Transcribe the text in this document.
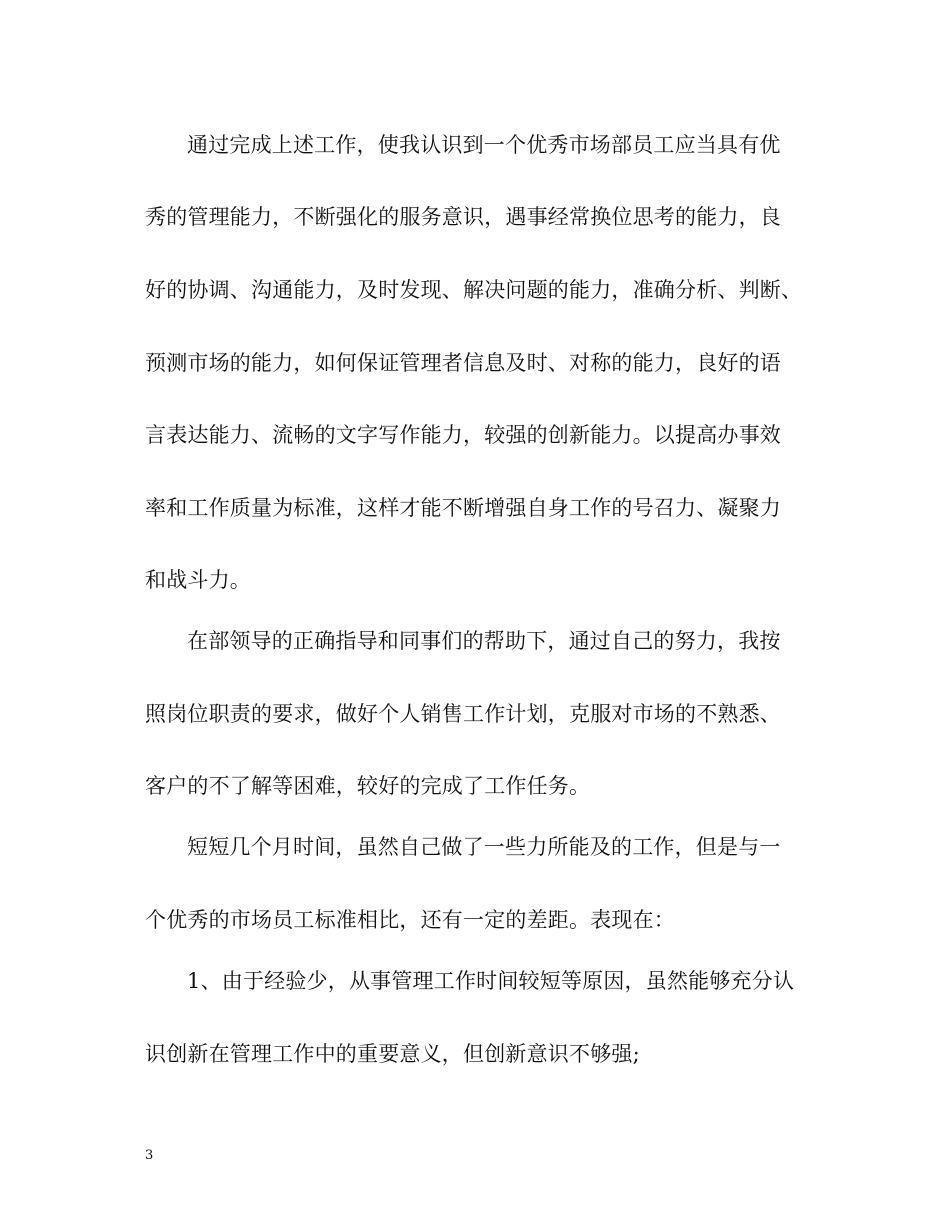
通过完成上述工作，使我认识到一个优秀市场部员工应当具有优
秀的管理能力，不断强化的服务意识，遇事经常换位思考的能力，良
好的协调、沟通能力，及时发现、解决问题的能力，准确分析、判断、
预测市场的能力，如何保证管理者信息及时、对称的能力，良好的语
言表达能力、流畅的文字写作能力，较强的创新能力。以提高办事效
率和工作质量为标准，这样才能不断增强自身工作的号召力、凝聚力
和战斗力。
在部领导的正确指导和同事们的帮助下，通过自己的努力，我按
照岗位职责的要求，做好个人销售工作计划，克服对市场的不熟悉、
客户的不了解等困难，较好的完成了工作任务。
短短几个月时间，虽然自己做了一些力所能及的工作，但是与一
个优秀的市场员工标准相比，还有一定的差距。表现在：
1、由于经验少，从事管理工作时间较短等原因，虽然能够充分认
识创新在管理工作中的重要意义，但创新意识不够强;
3
